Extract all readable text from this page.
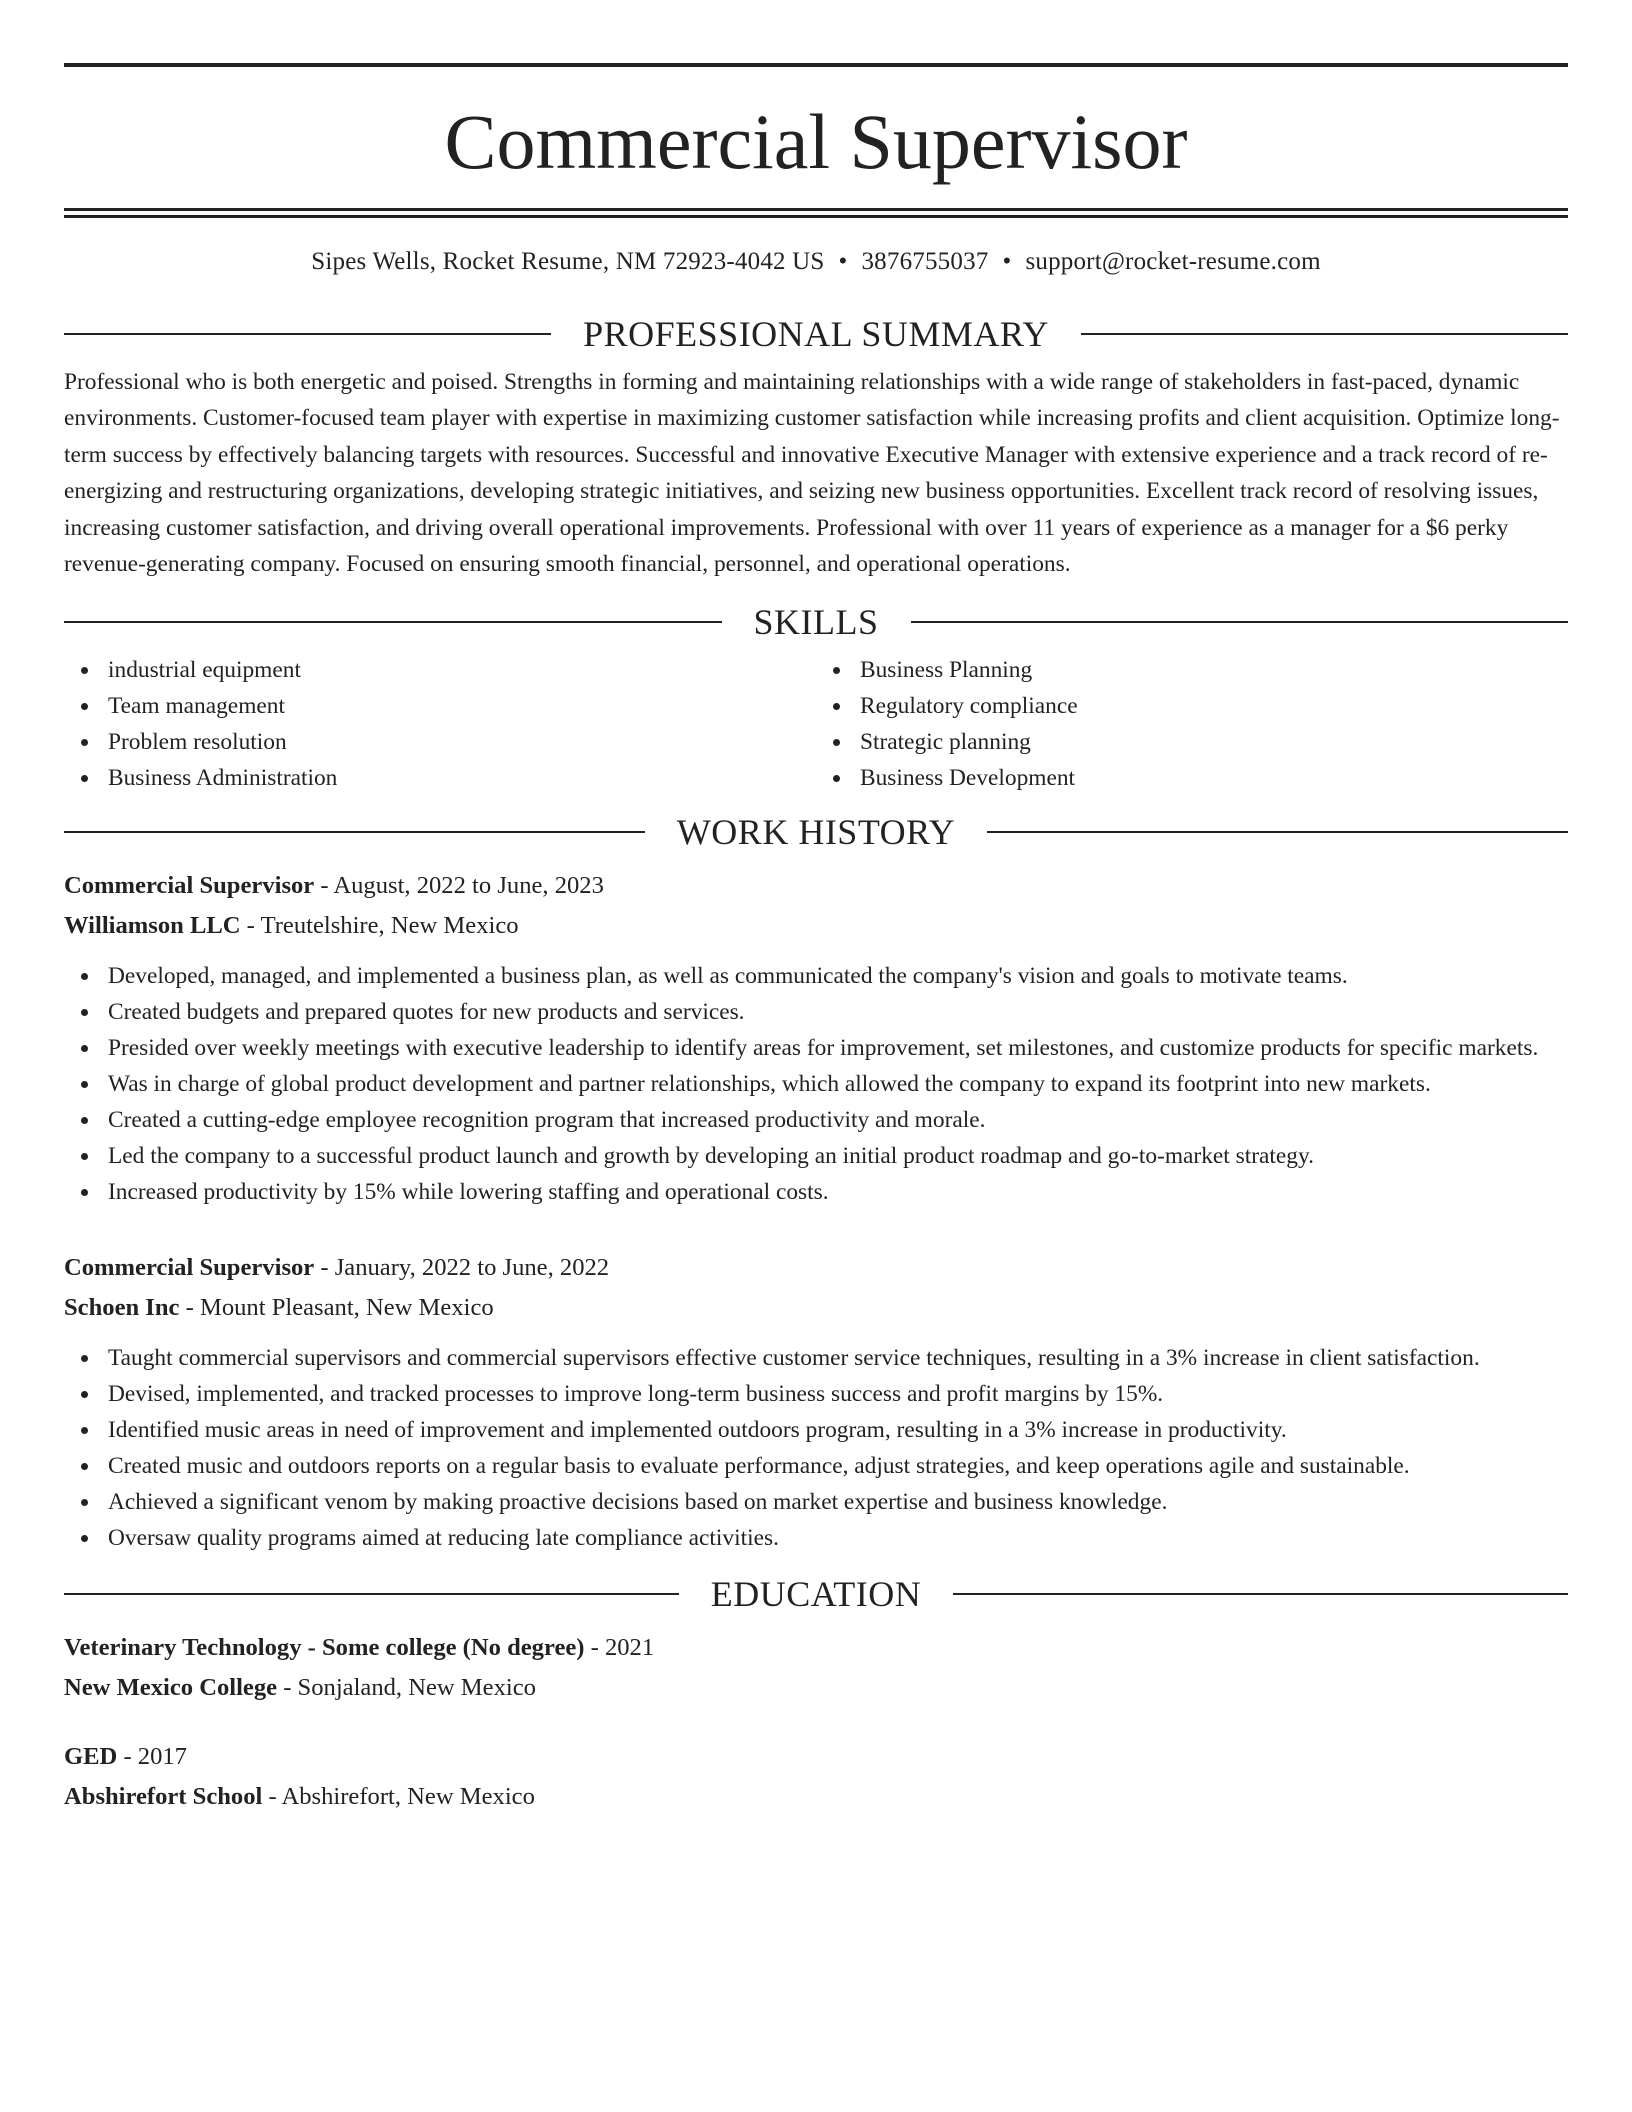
Commercial Supervisor
Sipes Wells, Rocket Resume, NM 72923-4042 US • 3876755037 • support@rocket-resume.com
PROFESSIONAL SUMMARY

Professional who is both energetic and poised. Strengths in forming and maintaining relationships with a wide range of stakeholders in fast-paced, dynamic environments. Customer-focused team player with expertise in maximizing customer satisfaction while increasing profits and client acquisition. Optimize long-term success by effectively balancing targets with resources. Successful and innovative Executive Manager with extensive experience and a track record of re-energizing and restructuring organizations, developing strategic initiatives, and seizing new business opportunities. Excellent track record of resolving issues, increasing customer satisfaction, and driving overall operational improvements. Professional with over 11 years of experience as a manager for a $6 perky revenue-generating company. Focused on ensuring smooth financial, personnel, and operational operations.

SKILLS
industrial equipment
Team management
Problem resolution
Business Administration
Business Planning
Regulatory compliance
Strategic planning
Business Development
WORK HISTORY
Commercial Supervisor - August, 2022 to June, 2023
Williamson LLC - Treutelshire, New Mexico
Developed, managed, and implemented a business plan, as well as communicated the company's vision and goals to motivate teams.
Created budgets and prepared quotes for new products and services.
Presided over weekly meetings with executive leadership to identify areas for improvement, set milestones, and customize products for specific markets.
Was in charge of global product development and partner relationships, which allowed the company to expand its footprint into new markets.
Created a cutting-edge employee recognition program that increased productivity and morale.
Led the company to a successful product launch and growth by developing an initial product roadmap and go-to-market strategy.
Increased productivity by 15% while lowering staffing and operational costs.
Commercial Supervisor - January, 2022 to June, 2022
Schoen Inc - Mount Pleasant, New Mexico
Taught commercial supervisors and commercial supervisors effective customer service techniques, resulting in a 3% increase in client satisfaction.
Devised, implemented, and tracked processes to improve long-term business success and profit margins by 15%.
Identified music areas in need of improvement and implemented outdoors program, resulting in a 3% increase in productivity.
Created music and outdoors reports on a regular basis to evaluate performance, adjust strategies, and keep operations agile and sustainable.
Achieved a significant venom by making proactive decisions based on market expertise and business knowledge.
Oversaw quality programs aimed at reducing late compliance activities.
EDUCATION
Veterinary Technology - Some college (No degree) - 2021
New Mexico College - Sonjaland, New Mexico
GED - 2017
Abshirefort School - Abshirefort, New Mexico
